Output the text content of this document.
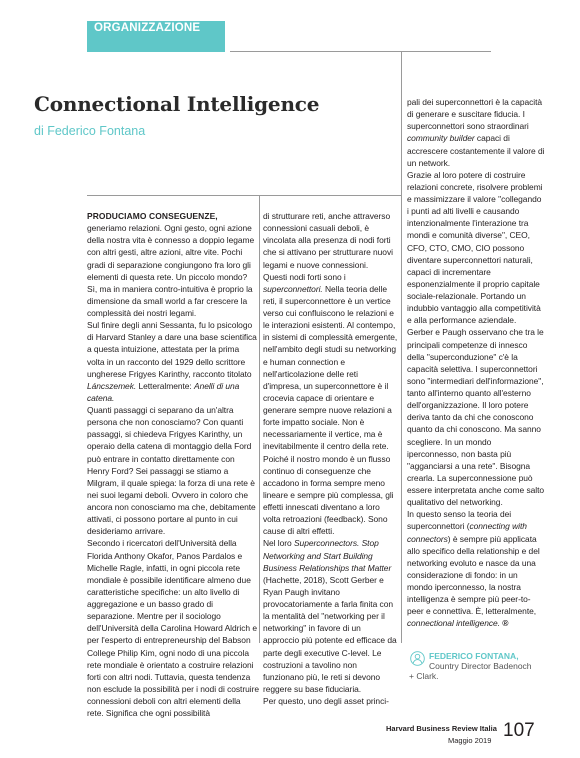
ORGANIZZAZIONE
Connectional Intelligence
di Federico Fontana

PRODUCIAMO CONSEGUENZE, generiamo relazioni. Ogni gesto, ogni azione della nostra vita è connesso a doppio legame con altri gesti, altre azioni, altre vite. Pochi gradi di separazione congiungono fra loro gli elementi di questa rete. Un piccolo mondo? Sì, ma in maniera contro-intuitiva è proprio la dimensione da small world a far crescere la complessità dei nostri legami.

Sul finire degli anni Sessanta, fu lo psicologo di Harvard Stanley a dare una base scientifica a questa intuizione, attestata per la prima volta in un racconto del 1929 dello scrittore ungherese Frigyes Karinthy, racconto titolato Láncszemek. Letteralmente: Anelli di una catena.

Quanti passaggi ci separano da un'altra persona che non conosciamo? Con quanti passaggi, si chiedeva Frigyes Karinthy, un operaio della catena di montaggio della Ford può entrare in contatto direttamente con Henry Ford? Sei passaggi se stiamo a Milgram, il quale spiega: la forza di una rete è nei suoi legami deboli. Ovvero in coloro che ancora non conosciamo ma che, debitamente attivati, ci possono portare al punto in cui desideriamo arrivare.

Secondo i ricercatori dell'Università della Florida Anthony Okafor, Panos Pardalos e Michelle Ragle, infatti, in ogni piccola rete mondiale è possibile identificare almeno due caratteristiche specifiche: un alto livello di aggregazione e un basso grado di separazione. Mentre per il sociologo dell'Università della Carolina Howard Aldrich e per l'esperto di entrepreneurship del Babson College Philip Kim, ogni nodo di una piccola rete mondiale è orientato a costruire relazioni forti con altri nodi. Tuttavia, questa tendenza non esclude la possibilità per i nodi di costruire connessioni deboli con altri elementi della rete. Significa che ogni possibilità

di strutturare reti, anche attraverso connessioni casuali deboli, è vincolata alla presenza di nodi forti che si attivano per strutturare nuovi legami e nuove connessioni.

Questi nodi forti sono i superconnettori. Nella teoria delle reti, il superconnettore è un vertice verso cui confluiscono le relazioni e le interazioni esistenti. Al contempo, in sistemi di complessità emergente, nell'ambito degli studi su networking e human connection e nell'articolazione delle reti d'impresa, un superconnettore è il crocevia capace di orientare e generare sempre nuove relazioni a forte impatto sociale. Non è necessariamente il vertice, ma è inevitabilmente il centro della rete.

Poiché il nostro mondo è un flusso continuo di conseguenze che accadono in forma sempre meno lineare e sempre più complessa, gli effetti innescati diventano a loro volta retroazioni (feedback). Sono cause di altri effetti.

Nel loro Superconnectors. Stop Networking and Start Building Business Relationships that Matter (Hachette, 2018), Scott Gerber e Ryan Paugh invitano provocatoriamente a farla finita con la mentalità del "networking per il networking" in favore di un approccio più potente ed efficace da parte degli executive C-level. Le costruzioni a tavolino non funzionano più, le reti si devono reggere su base fiduciaria.

Per questo, uno degli asset princi-

pali dei superconnettori è la capacità di generare e suscitare fiducia. I superconnettori sono straordinari community builder capaci di accrescere costantemente il valore di un network.

Grazie al loro potere di costruire relazioni concrete, risolvere problemi e massimizzare il valore "collegando i punti ad alti livelli e causando intenzionalmente l'interazione tra mondi e comunità diverse", CEO, CFO, CTO, CMO, CIO possono diventare superconnettori naturali, capaci di incrementare esponenzialmente il proprio capitale sociale-relazionale. Portando un indubbio vantaggio alla competitività e alla performance aziendale.

Gerber e Paugh osservano che tra le principali competenze di innesco della "superconduzione" c'è la capacità selettiva. I superconnettori sono "intermediari dell'informazione", tanto all'interno quanto all'esterno dell'organizzazione. Il loro potere deriva tanto da chi che conoscono quanto da chi conoscono. Ma sanno scegliere. In un mondo iperconnesso, non basta più "agganciarsi a una rete". Bisogna crearla. La superconnessione può essere interpretata anche come salto qualitativo del networking.

In questo senso la teoria dei superconnettori (connecting with connectors) è sempre più applicata allo specifico della relationship e del networking evoluto e nasce da una considerazione di fondo: in un mondo iperconnesso, la nostra intelligenza è sempre più peer-to-peer e connettiva. È, letteralmente, connectional intelligence. ®

FEDERICO FONTANA,
Country Director Badenoch
+ Clark.
Harvard Business Review Italia
Maggio 2019 107
